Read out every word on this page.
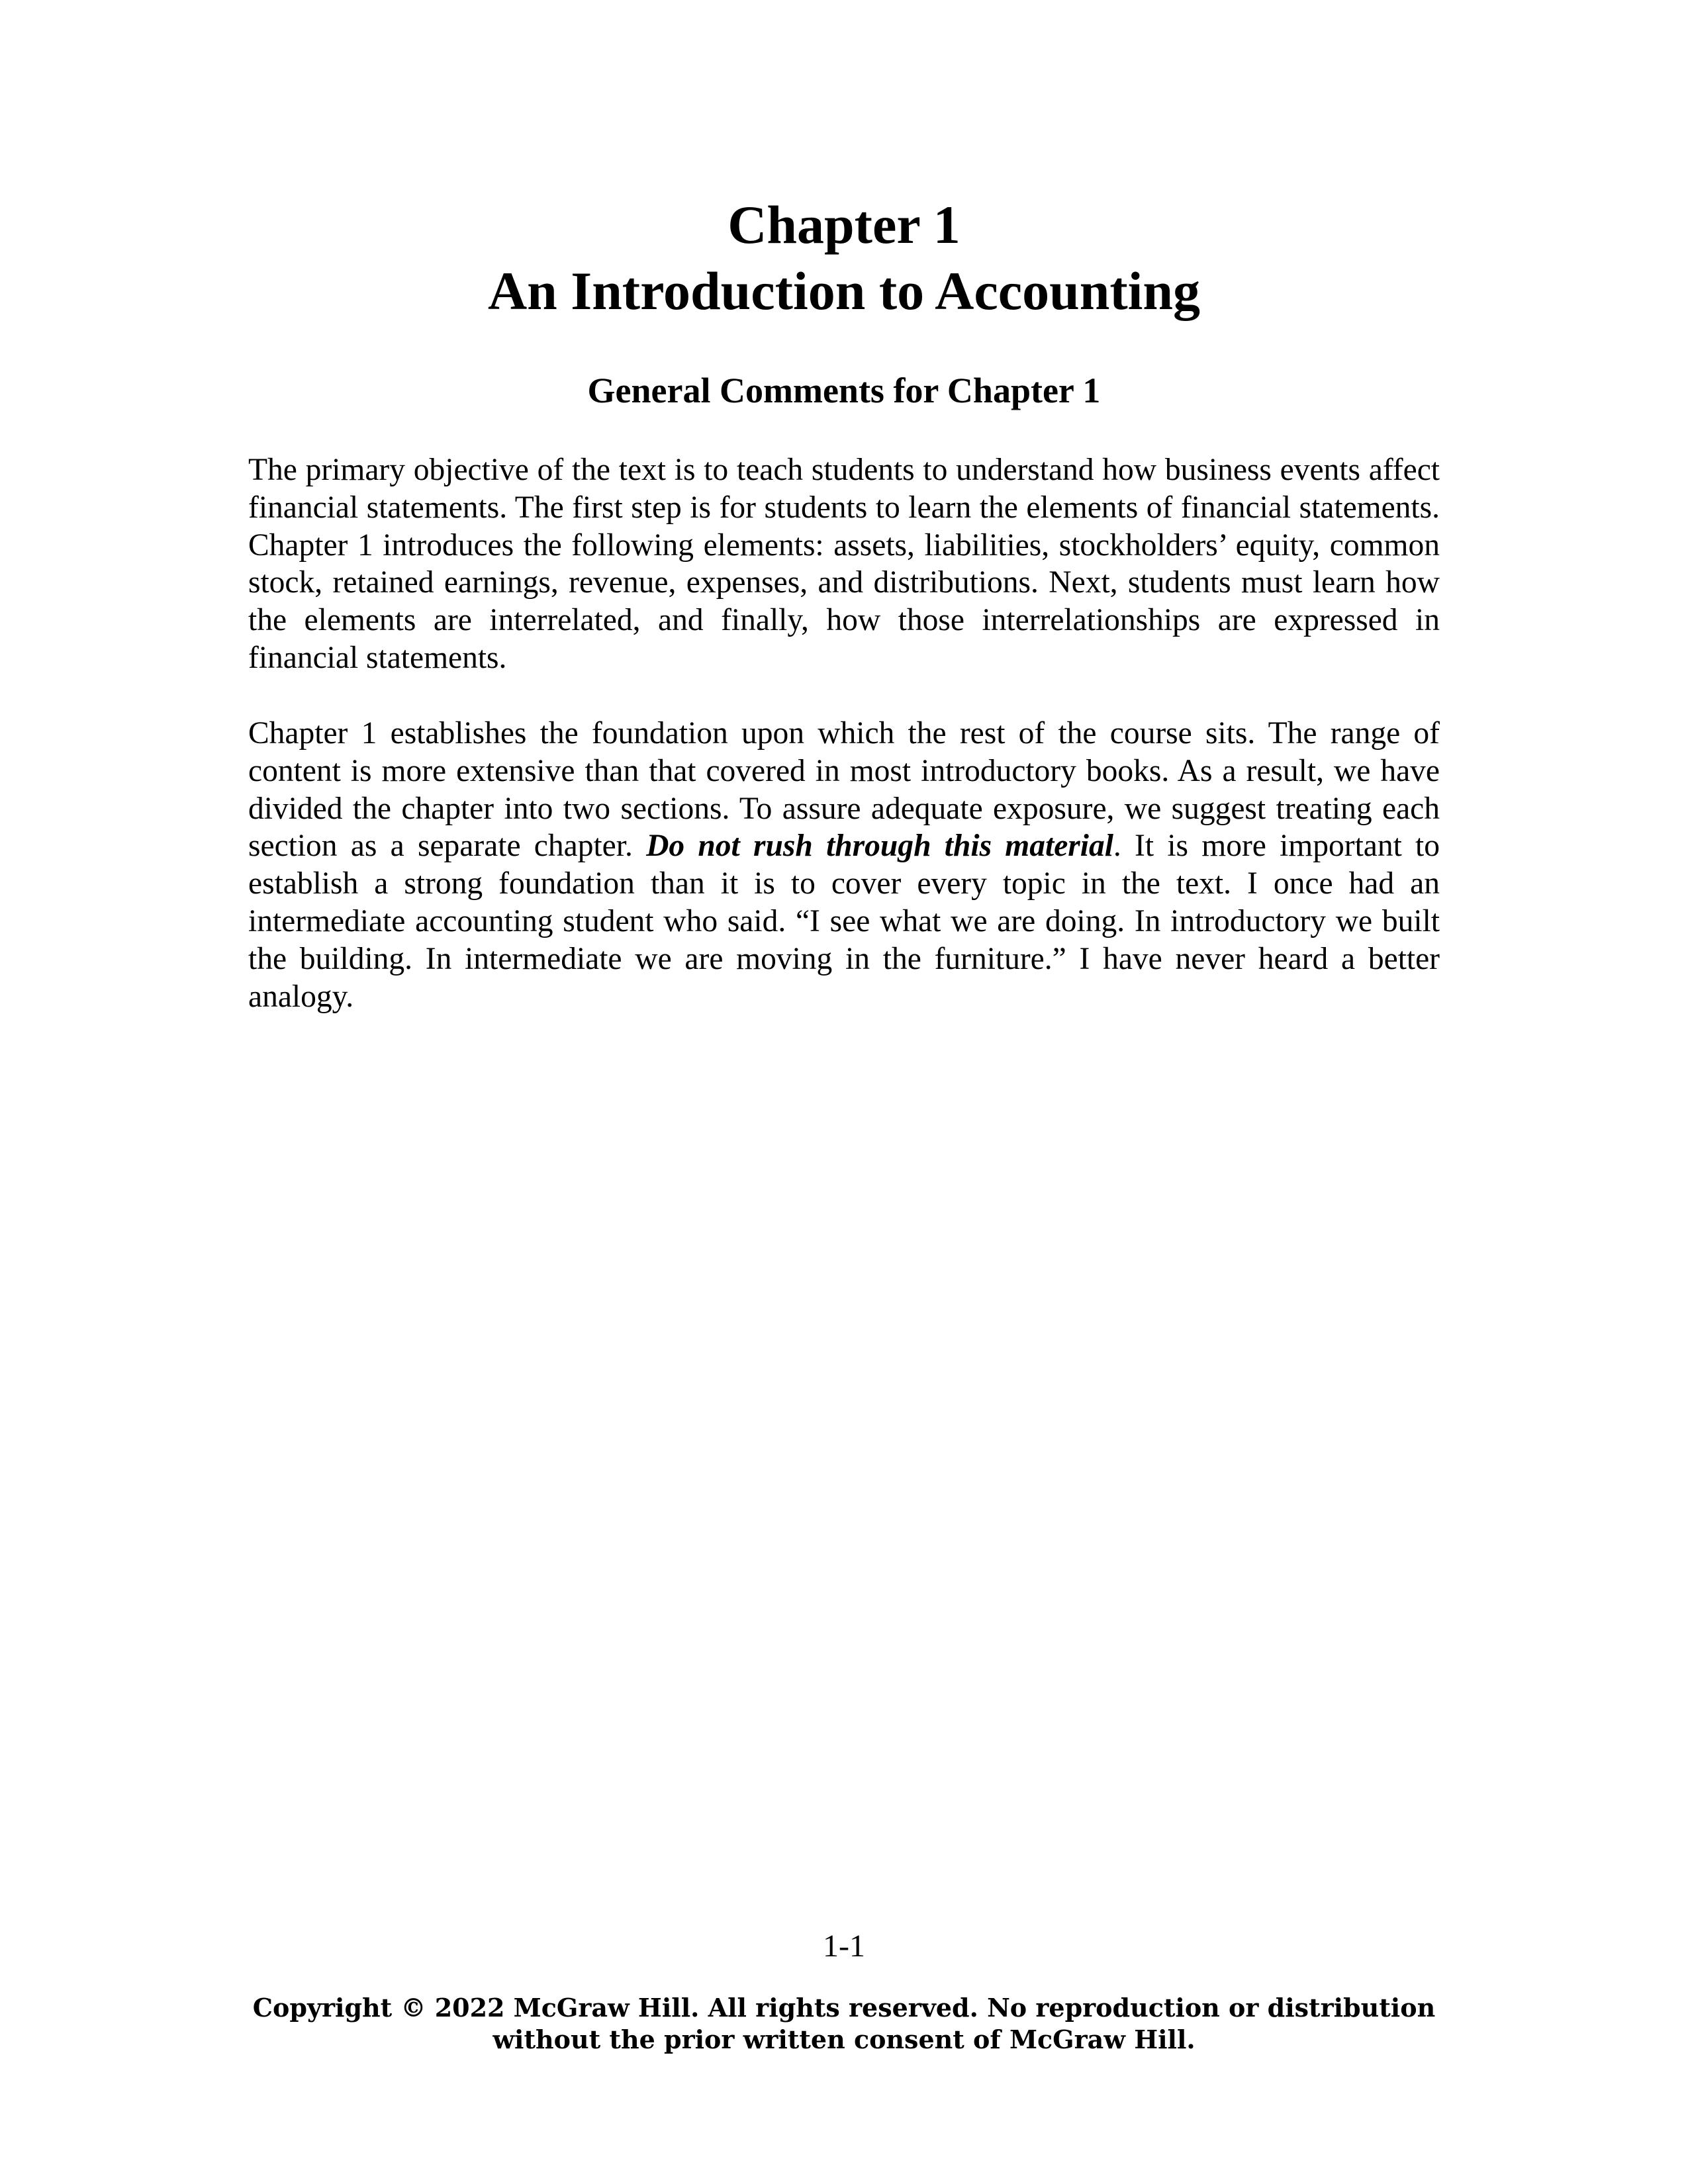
Chapter 1
An Introduction to Accounting
General Comments for Chapter 1

The primary objective of the text is to teach students to understand how business events affect financial statements. The first step is for students to learn the elements of financial statements. Chapter 1 introduces the following elements: assets, liabilities, stockholders’ equity, common stock, retained earnings, revenue, expenses, and distributions. Next, students must learn how the elements are interrelated, and finally, how those interrelationships are expressed in financial statements.

Chapter 1 establishes the foundation upon which the rest of the course sits. The range of content is more extensive than that covered in most introductory books. As a result, we have divided the chapter into two sections. To assure adequate exposure, we suggest treating each section as a separate chapter. Do not rush through this material. It is more important to establish a strong foundation than it is to cover every topic in the text. I once had an intermediate accounting student who said. “I see what we are doing. In introductory we built the building. In intermediate we are moving in the furniture.” I have never heard a better analogy.

1-1
Copyright © 2022 McGraw Hill. All rights reserved. No reproduction or distribution
without the prior written consent of McGraw Hill.
